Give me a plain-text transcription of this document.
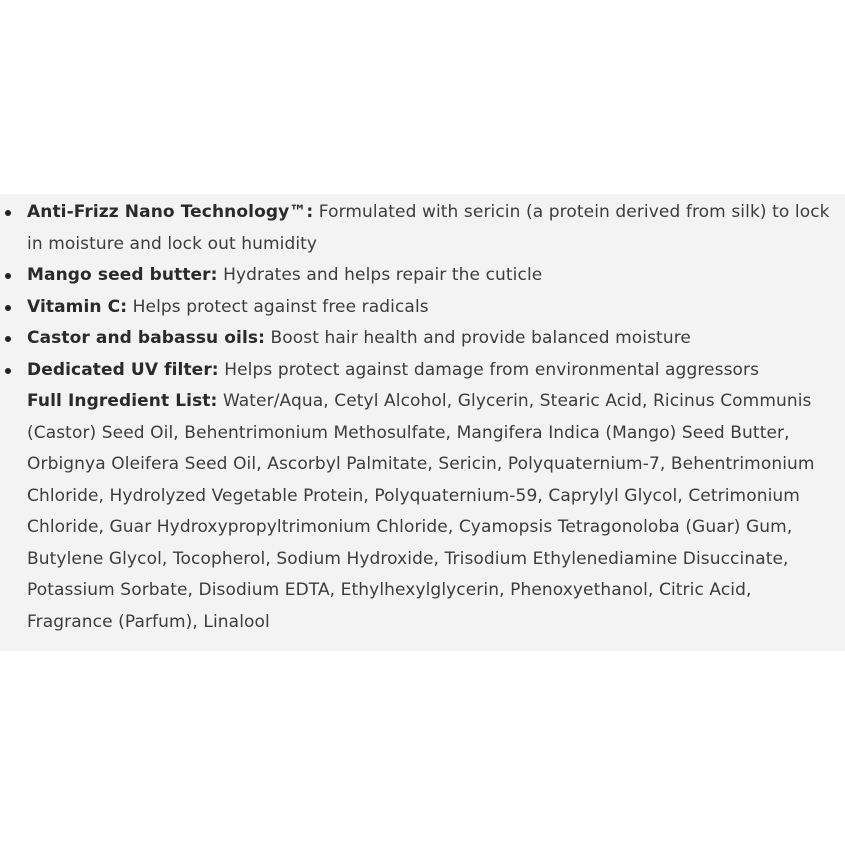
Anti-Frizz Nano Technology™: Formulated with sericin (a protein derived from silk) to lock in moisture and lock out humidity
Mango seed butter: Hydrates and helps repair the cuticle
Vitamin C: Helps protect against free radicals
Castor and babassu oils: Boost hair health and provide balanced moisture
Dedicated UV filter: Helps protect against damage from environmental aggressors

Full Ingredient List: Water/Aqua, Cetyl Alcohol, Glycerin, Stearic Acid, Ricinus Communis (Castor) Seed Oil, Behentrimonium Methosulfate, Mangifera Indica (Mango) Seed Butter, Orbignya Oleifera Seed Oil, Ascorbyl Palmitate, Sericin, Polyquaternium-7, Behentrimonium Chloride, Hydrolyzed Vegetable Protein, Polyquaternium-59, Caprylyl Glycol, Cetrimonium Chloride, Guar Hydroxypropyltrimonium Chloride, Cyamopsis Tetragonoloba (Guar) Gum, Butylene Glycol, Tocopherol, Sodium Hydroxide, Trisodium Ethylenediamine Disuccinate, Potassium Sorbate, Disodium EDTA, Ethylhexylglycerin, Phenoxyethanol, Citric Acid, Fragrance (Parfum), Linalool
